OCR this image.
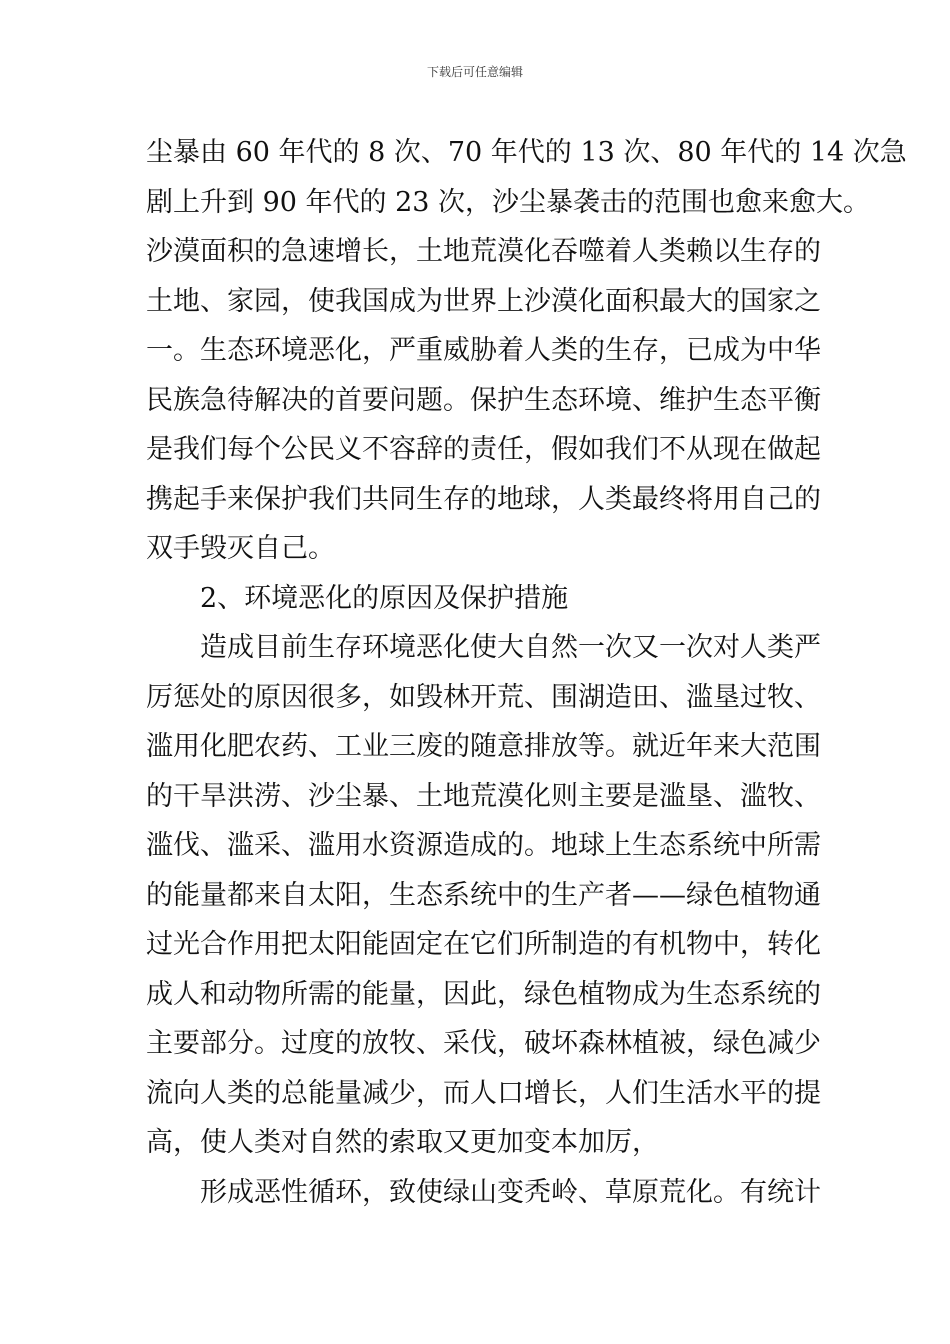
下载后可任意编辑
尘暴由 60 年代的 8 次、70 年代的 13 次、80 年代的 14 次急
剧上升到 90 年代的 23 次，沙尘暴袭击的范围也愈来愈大。
沙漠面积的急速增长，土地荒漠化吞噬着人类赖以生存的
土地、家园，使我国成为世界上沙漠化面积最大的国家之
一。生态环境恶化，严重威胁着人类的生存，已成为中华
民族急待解决的首要问题。保护生态环境、维护生态平衡
是我们每个公民义不容辞的责任，假如我们不从现在做起
携起手来保护我们共同生存的地球，人类最终将用自己的
双手毁灭自己。
2、环境恶化的原因及保护措施
造成目前生存环境恶化使大自然一次又一次对人类严
厉惩处的原因很多，如毁林开荒、围湖造田、滥垦过牧、
滥用化肥农药、工业三废的随意排放等。就近年来大范围
的干旱洪涝、沙尘暴、土地荒漠化则主要是滥垦、滥牧、
滥伐、滥采、滥用水资源造成的。地球上生态系统中所需
的能量都来自太阳，生态系统中的生产者——绿色植物通
过光合作用把太阳能固定在它们所制造的有机物中，转化
成人和动物所需的能量，因此，绿色植物成为生态系统的
主要部分。过度的放牧、采伐，破坏森林植被，绿色减少
流向人类的总能量减少，而人口增长，人们生活水平的提
高，使人类对自然的索取又更加变本加厉，
形成恶性循环，致使绿山变秃岭、草原荒化。有统计
